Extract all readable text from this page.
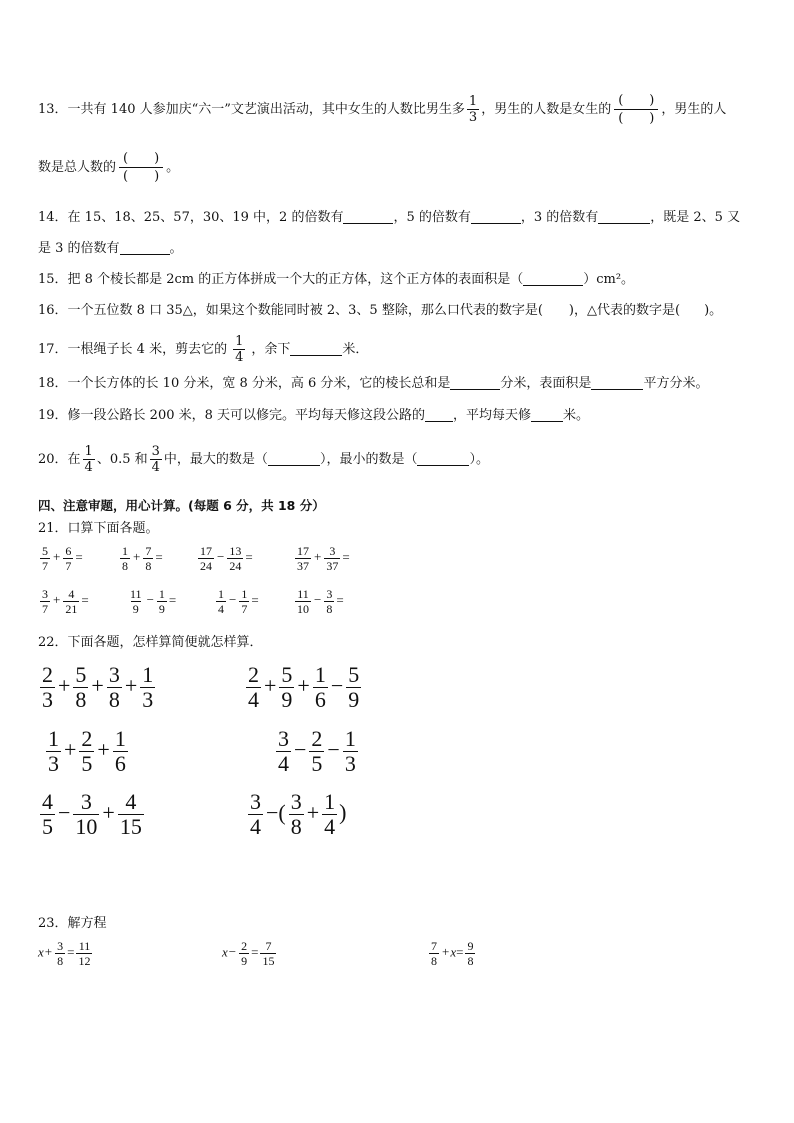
13．一共有 140 人参加庆“六一”文艺演出活动，其中女生的人数比男生多 $\frac{1}{3}$ ，男生的人数是女生的
( )
( )
，男生的人
数是总人数的
( )
( )
。
14．在 15、18、25、57，30、19 中，2 的倍数有	，5 的倍数有	，3 的倍数有	，既是 2、5 又
是 3 的倍数有	。
15．把 8 个棱长都是 2cm 的正方体拼成一个大的正方体，这个正方体的表面积是（	）cm²。
16．一个五位数 8 口 35△，如果这个数能同时被 2、3、5 整除，那么口代表的数字是( )，△代表的数字是( )。
17．一根绳子长 4 米，剪去它的 $\frac{1}{4}$ ，余下	米．
18．一个长方体的长 10 分米，宽 8 分米，高 6 分米，它的棱长总和是	分米，表面积是	平方分米。
19．修一段公路长 200 米，8 天可以修完。平均每天修这段公路的 ，平均每天修 米。
20．在 $\frac{1}{4}$ 、0.5 和 $\frac{3}{4}$ 中，最大的数是（	），最小的数是（	）。
四、注意审题，用心计算。(每题 6 分，共 18 分）
21．口算下面各题。
$\frac{5}{7} + \frac{6}{7}$ =	$\frac{1}{8} + \frac{7}{8}$ =	$\frac{17}{24} - \frac{13}{24}$ =	$\frac{17}{37} + \frac{3}{37}$ =
$\frac{3}{7} + \frac{4}{21}$ =	$\frac{11}{9} - \frac{1}{9}$ =	$\frac{1}{4} - \frac{1}{7}$ =	$\frac{11}{10} - \frac{3}{8}$ =
22．下面各题，怎样算简便就怎样算．
$\frac{2}{3} + \frac{5}{8} + \frac{3}{8} + \frac{1}{3}$	$\frac{2}{4} + \frac{5}{9} + \frac{1}{6} - \frac{5}{9}$
$\frac{1}{3} + \frac{2}{5} + \frac{1}{6}$	$\frac{3}{4} - \frac{2}{5} - \frac{1}{3}$
$\frac{4}{5} - \frac{3}{10} + \frac{4}{15}$	$\frac{3}{4}$ −( $\frac{3}{8} + \frac{1}{4}$ )
23．解方程
$x+ \frac{3}{8} = \frac{11}{12}$	$x- \frac{2}{9} = \frac{7}{15}$	$\frac{7}{8} +x= \frac{9}{8}$
